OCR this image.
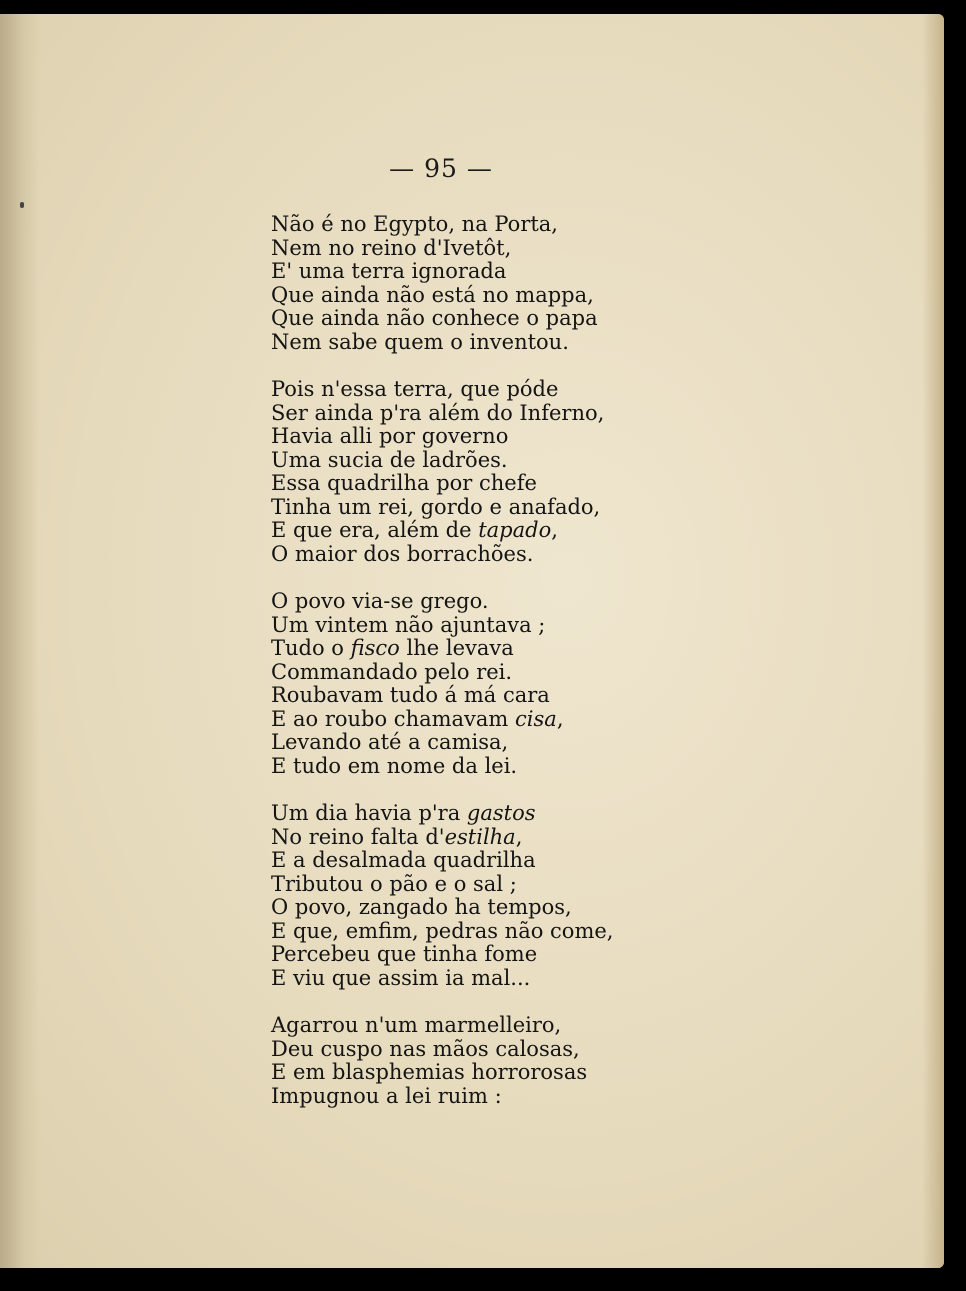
— 95 —
Não é no Egypto, na Porta,
Nem no reino d'Ivetôt,
E' uma terra ignorada
Que ainda não está no mappa,
Que ainda não conhece o papa
Nem sabe quem o inventou.
Pois n'essa terra, que póde
Ser ainda p'ra além do Inferno,
Havia alli por governo
Uma sucia de ladrões.
Essa quadrilha por chefe
Tinha um rei, gordo e anafado,
E que era, além de tapado,
O maior dos borrachões.
O povo via-se grego.
Um vintem não ajuntava ;
Tudo o fisco lhe levava
Commandado pelo rei.
Roubavam tudo á má cara
E ao roubo chamavam cisa,
Levando até a camisa,
E tudo em nome da lei.
Um dia havia p'ra gastos
No reino falta d'estilha,
E a desalmada quadrilha
Tributou o pão e o sal ;
O povo, zangado ha tempos,
E que, emfim, pedras não come,
Percebeu que tinha fome
E viu que assim ia mal...
Agarrou n'um marmelleiro,
Deu cuspo nas mãos calosas,
E em blasphemias horrorosas
Impugnou a lei ruim :
